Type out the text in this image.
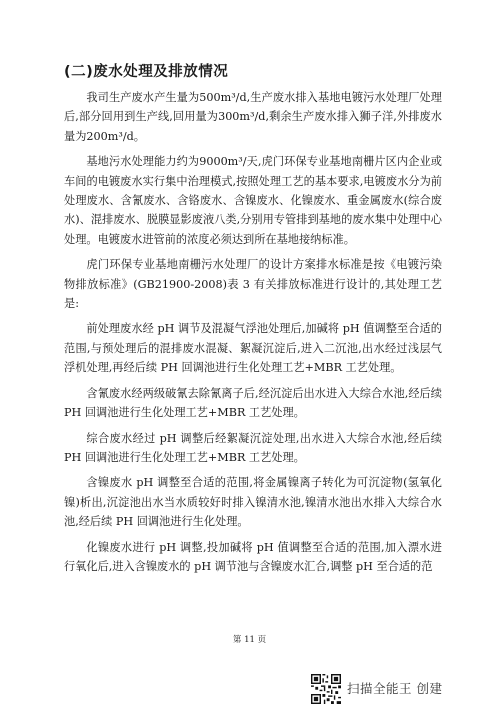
(二)废水处理及排放情况

我司生产废水产生量为500m³/d,生产废水排入基地电镀污水处理厂处理后,部分回用到生产线,回用量为300m³/d,剩余生产废水排入狮子洋,外排废水量为200m³/d。

基地污水处理能力约为9000m³/天,虎门环保专业基地南栅片区内企业或车间的电镀废水实行集中治理模式,按照处理工艺的基本要求,电镀废水分为前处理废水、含氰废水、含铬废水、含镍废水、化镍废水、重金属废水(综合废水)、混排废水、脱膜显影废液八类,分别用专管排到基地的废水集中处理中心处理。电镀废水进管前的浓度必须达到所在基地接纳标准。

虎门环保专业基地南栅污水处理厂的设计方案排水标准是按《电镀污染物排放标准》(GB21900-2008)表 3 有关排放标准进行设计的,其处理工艺是:

前处理废水经 pH 调节及混凝气浮池处理后,加碱将 pH 值调整至合适的范围,与预处理后的混排废水混凝、絮凝沉淀后,进入二沉池,出水经过浅层气浮机处理,再经后续 PH 回调池进行生化处理工艺+MBR 工艺处理。

含氰废水经两级破氰去除氰离子后,经沉淀后出水进入大综合水池,经后续 PH 回调池进行生化处理工艺+MBR 工艺处理。

综合废水经过 pH 调整后经絮凝沉淀处理,出水进入大综合水池,经后续PH 回调池进行生化处理工艺+MBR 工艺处理。

含镍废水 pH 调整至合适的范围,将金属镍离子转化为可沉淀物(氢氧化镍)析出,沉淀池出水当水质较好时排入镍清水池,镍清水池出水排入大综合水池,经后续 PH 回调池进行生化处理。

化镍废水进行 pH 调整,投加碱将 pH 值调整至合适的范围,加入漂水进行氧化后,进入含镍废水的 pH 调节池与含镍废水汇合,调整 pH 至合适的范

第 11 页
扫描全能王 创建
